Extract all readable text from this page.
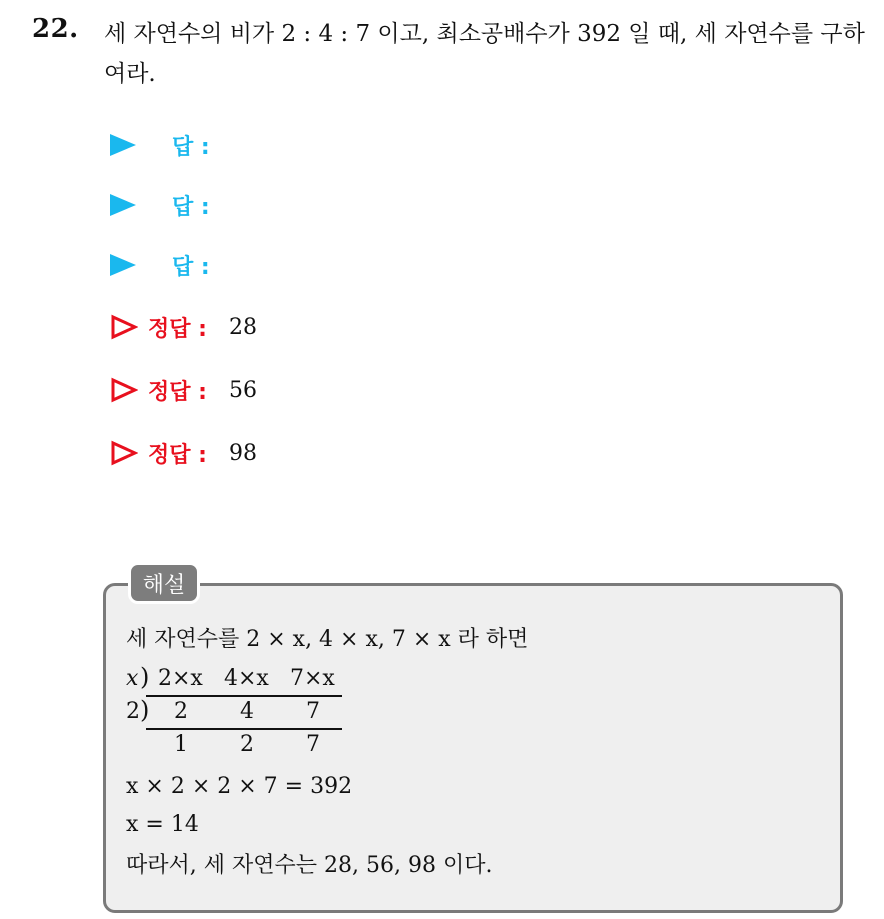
22. 세 자연수의 비가 2 : 4 : 7 이고, 최소공배수가 392 일 때, 세 자연수를 구하여라.
답 :
답 :
답 :
정답 : 28
정답 : 56
정답 : 98
해설
세 자연수를 2 × x, 4 × x, 7 × x 라 하면
x ) 2×x 4×x 7×x
2 ) 2 4 7
1 2 7
x × 2 × 2 × 7 = 392
x = 14
따라서, 세 자연수는 28, 56, 98 이다.
